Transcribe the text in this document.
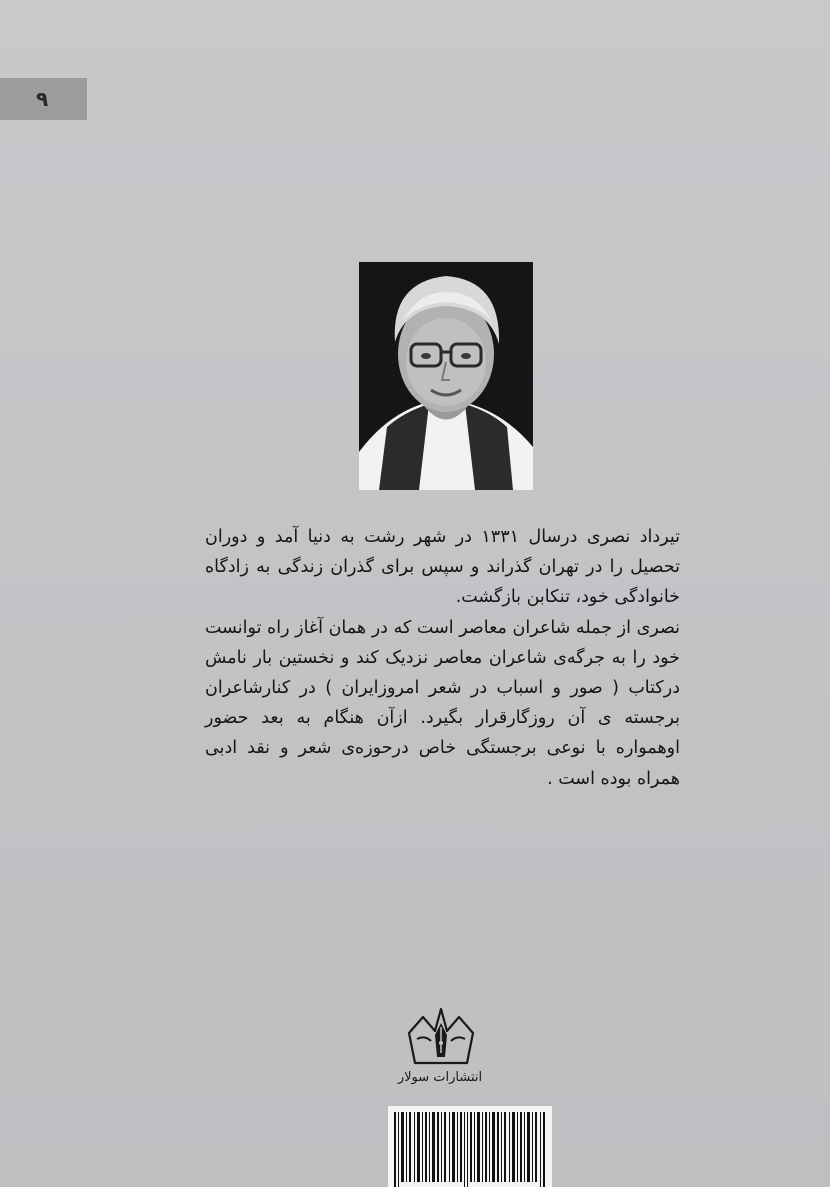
۹

تیرداد نصری درسال ۱۳۳۱ در شهر رشت به دنیا آمد و دوران تحصیل را در تهران گذراند و سپس برای گذران زندگی به زادگاه خانوادگی خود، تنکابن بازگشت.

نصری از جمله شاعران معاصر است که در همان آغاز راه توانست خود را به جرگه‌ی شاعران معاصر نزدیک کند و نخستین بار نامش درکتاب ( صور و اسباب در شعر امروزایران ) در کنارشاعران برجسته ی آن روزگارقرار بگیرد. ازآن هنگام به بعد حضور اوهمواره با نوعی برجستگی خاص درحوزه‌ی شعر و نقد ادبی همراه بوده است .

انتشارات سولار
